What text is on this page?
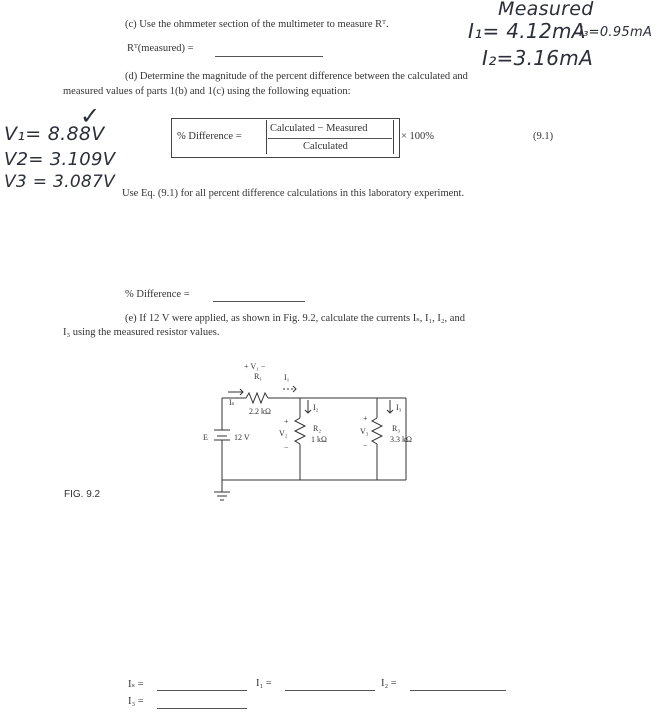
Measured
(c) Use the ohmmeter section of the multimeter to measure Rᵀ.	I₁= 4.12mA
I₃=0.95mA
Rᵀ(measured) =	I₂=3.16mA
(d) Determine the magnitude of the percent difference between the calculated and
measured values of parts 1(b) and 1(c) using the following equation:
✓
% Difference =
Calculated − Measured
Calculated
× 100%	(9.1)
V₁= 8.88V
V2= 3.109V
V3 = 3.087V
Use Eq. (9.1) for all percent difference calculations in this laboratory experiment.
% Difference =
(e) If 12 V were applied, as shown in Fig. 9.2, calculate the currents Iₛ, I₁, I₂, and
I₃ using the measured resistor values.
FIG. 9.2
+ V₁ −
R₁	I₁
Iₛ
2.2 kΩ	I₂	I₃
E	12 V
+
V₂
−
R₂
1 kΩ
+
V₃
−
R₃
3.3 kΩ
Iₛ =	I₁ =	I₂ =
I₃ =
